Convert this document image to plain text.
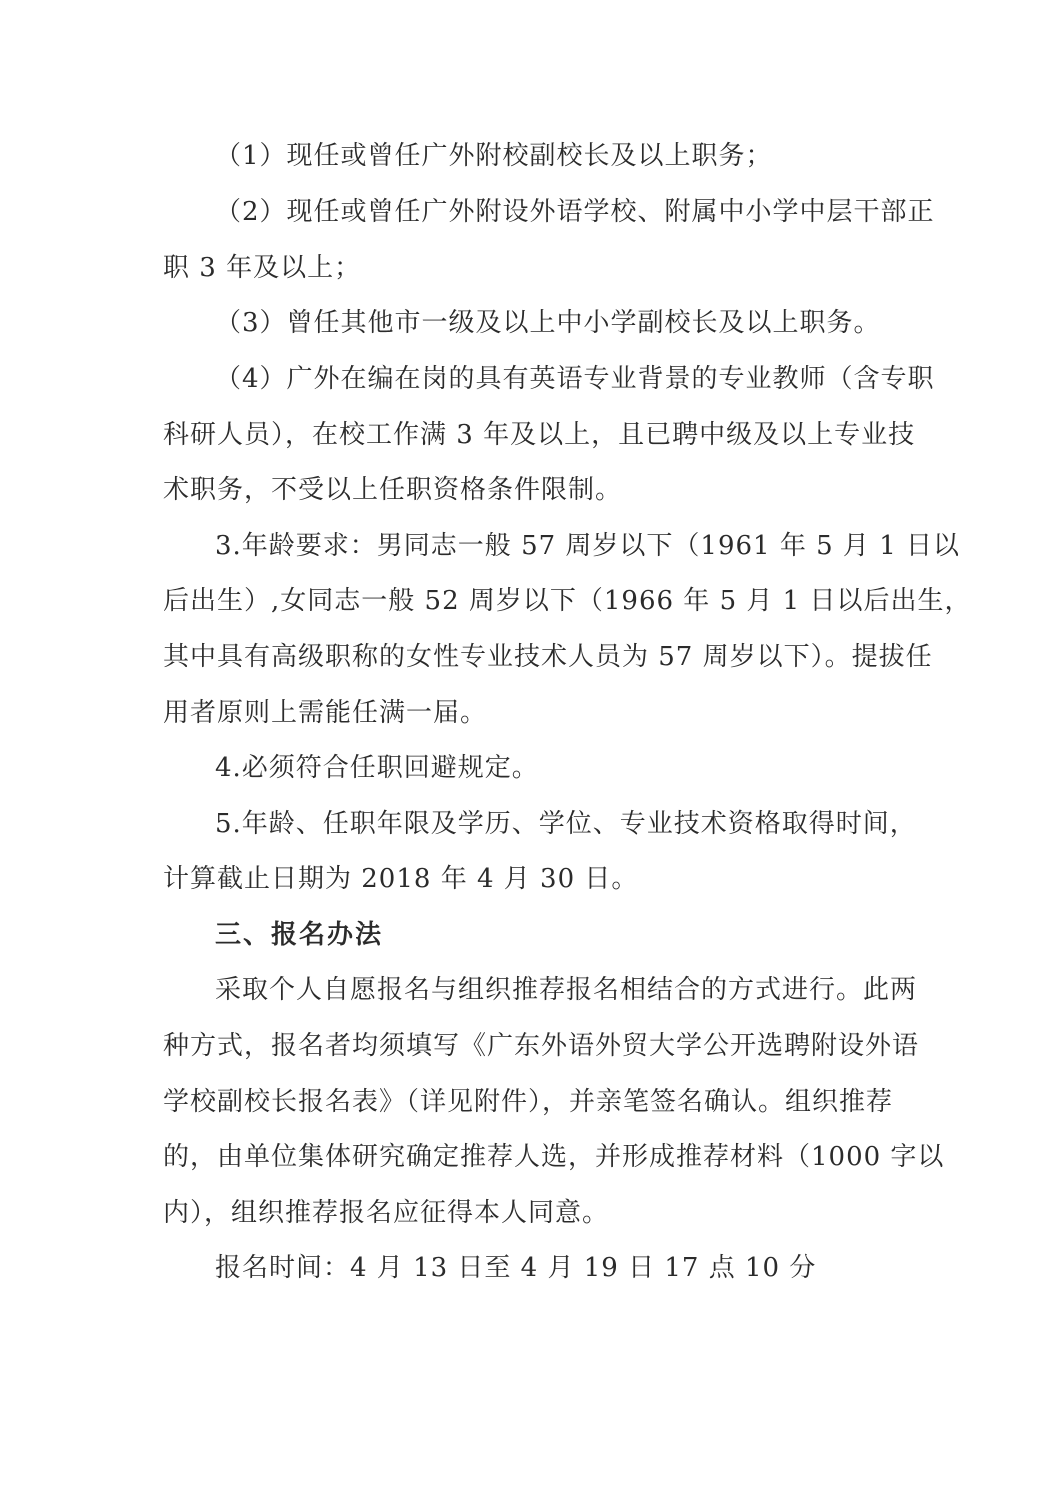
（1）现任或曾任广外附校副校长及以上职务；
（2）现任或曾任广外附设外语学校、附属中小学中层干部正
职 3 年及以上；
（3）曾任其他市一级及以上中小学副校长及以上职务。
（4）广外在编在岗的具有英语专业背景的专业教师（含专职
科研人员），在校工作满 3 年及以上，且已聘中级及以上专业技
术职务，不受以上任职资格条件限制。
3.年龄要求：男同志一般 57 周岁以下（1961 年 5 月 1 日以
后出生）,女同志一般 52 周岁以下（1966 年 5 月 1 日以后出生，
其中具有高级职称的女性专业技术人员为 57 周岁以下）。提拔任
用者原则上需能任满一届。
4.必须符合任职回避规定。
5.年龄、任职年限及学历、学位、专业技术资格取得时间，
计算截止日期为 2018 年 4 月 30 日。
三、报名办法
采取个人自愿报名与组织推荐报名相结合的方式进行。此两
种方式，报名者均须填写《广东外语外贸大学公开选聘附设外语
学校副校长报名表》（详见附件），并亲笔签名确认。组织推荐
的，由单位集体研究确定推荐人选，并形成推荐材料（1000 字以
内），组织推荐报名应征得本人同意。
报名时间：4 月 13 日至 4 月 19 日 17 点 10 分
